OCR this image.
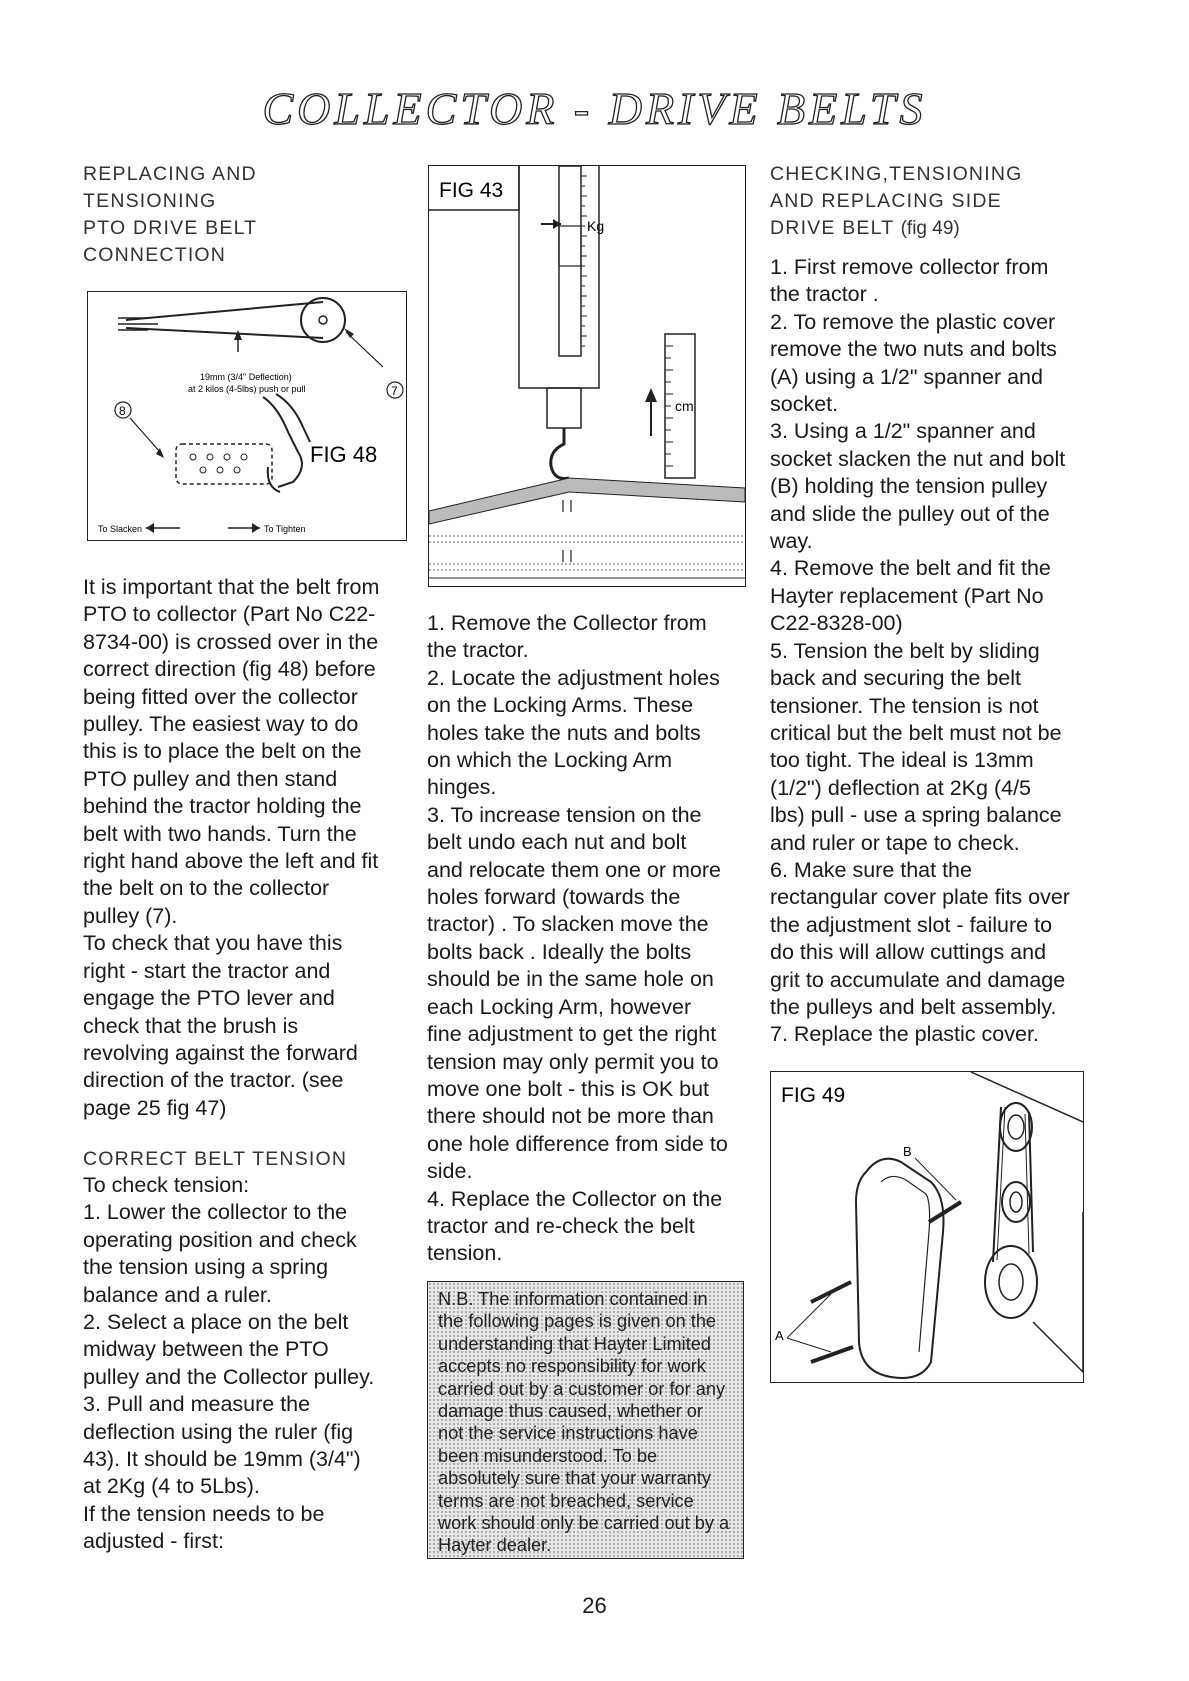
COLLECTOR - DRIVE BELTS

REPLACING AND

TENSIONING

PTO DRIVE BELT

CONNECTION

19mm (3/4" Deflection)
at 2 kilos (4-5lbs) push or pull	7
8
FIG 48
To Slacken	To Tighten

It is important that the belt from

PTO to collector (Part No C22-

8734-00) is crossed over in the

correct direction (fig 48) before

being fitted over the collector

pulley. The easiest way to do

this is to place the belt on the

PTO pulley and then stand

behind the tractor holding the

belt with two hands. Turn the

right hand above the left and fit

the belt on to the collector

pulley (7).

To check that you have this

right - start the tractor and

engage the PTO lever and

check that the brush is

revolving against the forward

direction of the tractor. (see

page 25 fig 47)

CORRECT BELT TENSION

To check tension:

1. Lower the collector to the

operating position and check

the tension using a spring

balance and a ruler.

2. Select a place on the belt

midway between the PTO

pulley and the Collector pulley.

3. Pull and measure the

deflection using the ruler (fig

43). It should be 19mm (3/4")

at 2Kg (4 to 5Lbs).

If the tension needs to be

adjusted - first:

FIG 43
Kg
cm

1. Remove the Collector from

the tractor.

2. Locate the adjustment holes

on the Locking Arms. These

holes take the nuts and bolts

on which the Locking Arm

hinges.

3. To increase tension on the

belt undo each nut and bolt

and relocate them one or more

holes forward (towards the

tractor) . To slacken move the

bolts back . Ideally the bolts

should be in the same hole on

each Locking Arm, however

fine adjustment to get the right

tension may only permit you to

move one bolt - this is OK but

there should not be more than

one hole difference from side to

side.

4. Replace the Collector on the

tractor and re-check the belt

tension.

N.B. The information contained in
the following pages is given on the
understanding that Hayter Limited
accepts no responsibility for work
carried out by a customer or for any
damage thus caused, whether or
not the service instructions have
been misunderstood. To be
absolutely sure that your warranty
terms are not breached, service
work should only be carried out by a
Hayter dealer.

CHECKING,TENSIONING

AND REPLACING SIDE

DRIVE BELT (fig 49)

1. First remove collector from

the tractor .

2. To remove the plastic cover

remove the two nuts and bolts

(A) using a 1/2" spanner and

socket.

3. Using a 1/2" spanner and

socket slacken the nut and bolt

(B) holding the tension pulley

and slide the pulley out of the

way.

4. Remove the belt and fit the

Hayter replacement (Part No

C22-8328-00)

5. Tension the belt by sliding

back and securing the belt

tensioner. The tension is not

critical but the belt must not be

too tight. The ideal is 13mm

(1/2") deflection at 2Kg (4/5

lbs) pull - use a spring balance

and ruler or tape to check.

6. Make sure that the

rectangular cover plate fits over

the adjustment slot - failure to

do this will allow cuttings and

grit to accumulate and damage

the pulleys and belt assembly.

7. Replace the plastic cover.

FIG 49
B
A
26
